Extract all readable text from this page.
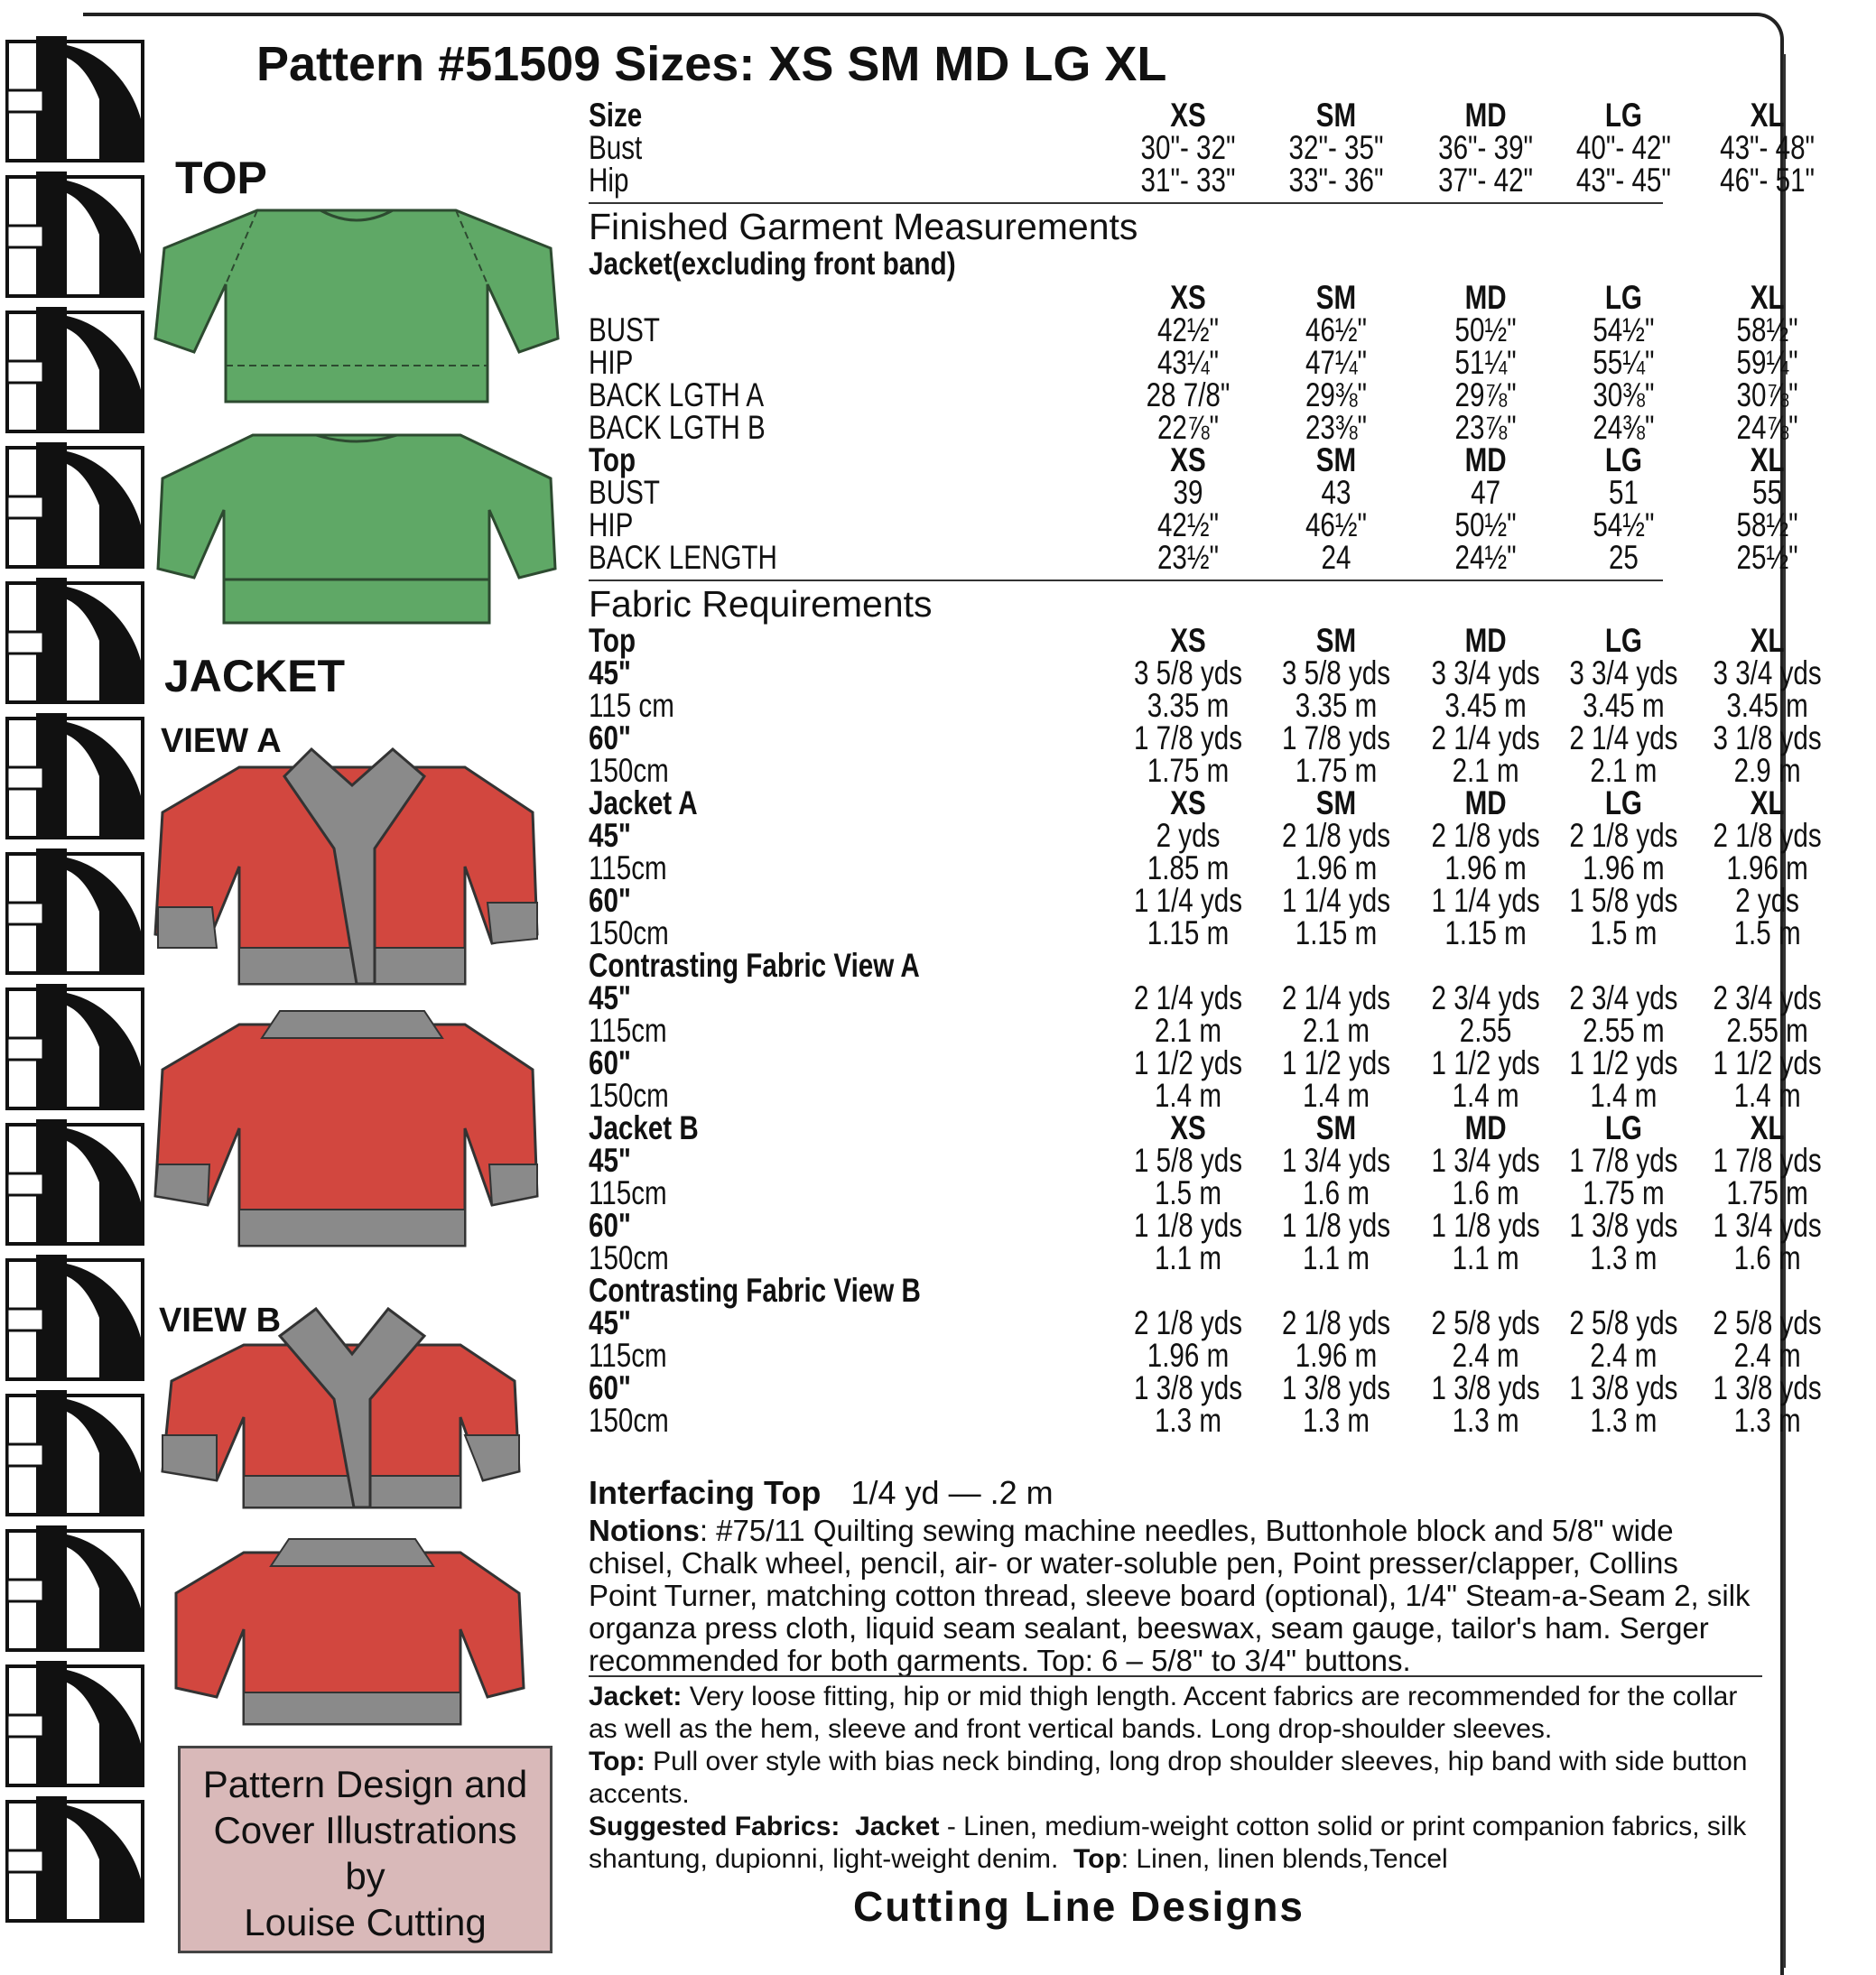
Pattern #51509 Sizes: XS SM MD LG XL
TOP
JACKET
VIEW A
VIEW B
Pattern Design and
Cover Illustrations
by
Louise Cutting
Size	XS	SM	MD	LG	XL
Bust	30"- 32"	32"- 35"	36"- 39"	40"- 42"	43"- 48"
Hip	31"- 33"	33"- 36"	37"- 42"	43"- 45"	46"- 51"
Finished Garment Measurements
Jacket(excluding front band)
XS	SM	MD	LG	XL
BUST	42½"	46½"	50½"	54½"	58½"
HIP	43¼"	47¼"	51¼"	55¼"	59¼"
BACK LGTH A	28 7/8"	29⅜"	29⅞"	30⅜"	30⅞"
BACK LGTH B	22⅞"	23⅜"	23⅞"	24⅜"	24⅞"
Top	XS	SM	MD	LG	XL
BUST	39	43	47	51	55
HIP	42½"	46½"	50½"	54½"	58½"
BACK LENGTH	23½"	24	24½"	25	25½"
Fabric Requirements
Top	XS	SM	MD	LG	XL
45"	3 5/8 yds	3 5/8 yds	3 3/4 yds 3 3/4 yds	3 3/4 yds
115 cm	3.35 m	3.35 m	3.45 m	3.45 m	3.45 m
60"	1 7/8 yds	1 7/8 yds	2 1/4 yds 2 1/4 yds	3 1/8 yds
150cm	1.75 m	1.75 m	2.1 m	2.1 m	2.9 m
Jacket A	XS	SM	MD	LG	XL
45"	2 yds	2 1/8 yds	2 1/8 yds 2 1/8 yds	2 1/8 yds
115cm	1.85 m	1.96 m	1.96 m	1.96 m	1.96 m
60"	1 1/4 yds	1 1/4 yds	1 1/4 yds 1 5/8 yds	2 yds
150cm	1.15 m	1.15 m	1.15 m	1.5 m	1.5 m
Contrasting Fabric View A
45"	2 1/4 yds	2 1/4 yds	2 3/4 yds 2 3/4 yds	2 3/4 yds
115cm	2.1 m	2.1 m	2.55	2.55 m	2.55 m
60"	1 1/2 yds	1 1/2 yds	1 1/2 yds 1 1/2 yds	1 1/2 yds
150cm	1.4 m	1.4 m	1.4 m	1.4 m	1.4 m
Jacket B	XS	SM	MD	LG	XL
45"	1 5/8 yds	1 3/4 yds	1 3/4 yds 1 7/8 yds	1 7/8 yds
115cm	1.5 m	1.6 m	1.6 m	1.75 m	1.75 m
60"	1 1/8 yds	1 1/8 yds	1 1/8 yds 1 3/8 yds	1 3/4 yds
150cm	1.1 m	1.1 m	1.1 m	1.3 m	1.6 m
Contrasting Fabric View B
45"	2 1/8 yds	2 1/8 yds	2 5/8 yds 2 5/8 yds	2 5/8 yds
115cm	1.96 m	1.96 m	2.4 m	2.4 m	2.4 m
60"	1 3/8 yds	1 3/8 yds	1 3/8 yds 1 3/8 yds	1 3/8 yds
150cm	1.3 m	1.3 m	1.3 m	1.3 m	1.3 m
Interfacing Top 1/4 yd — .2 m
Notions: #75/11 Quilting sewing machine needles, Buttonhole block and 5/8" wide chisel, Chalk wheel, pencil, air- or water-soluble pen, Point presser/clapper, Collins Point Turner, matching cotton thread, sleeve board (optional), 1/4" Steam-a-Seam 2, silk organza press cloth, liquid seam sealant, beeswax, seam gauge, tailor's ham. Serger recommended for both garments. Top: 6 – 5/8" to 3/4" buttons.
Jacket: Very loose fitting, hip or mid thigh length. Accent fabrics are recommended for the collar as well as the hem, sleeve and front vertical bands. Long drop-shoulder sleeves.
Top: Pull over style with bias neck binding, long drop shoulder sleeves, hip band with side button accents.
Suggested Fabrics: Jacket - Linen, medium-weight cotton solid or print companion fabrics, silk shantung, dupionni, light-weight denim. Top: Linen, linen blends,Tencel
Cutting Line Designs
